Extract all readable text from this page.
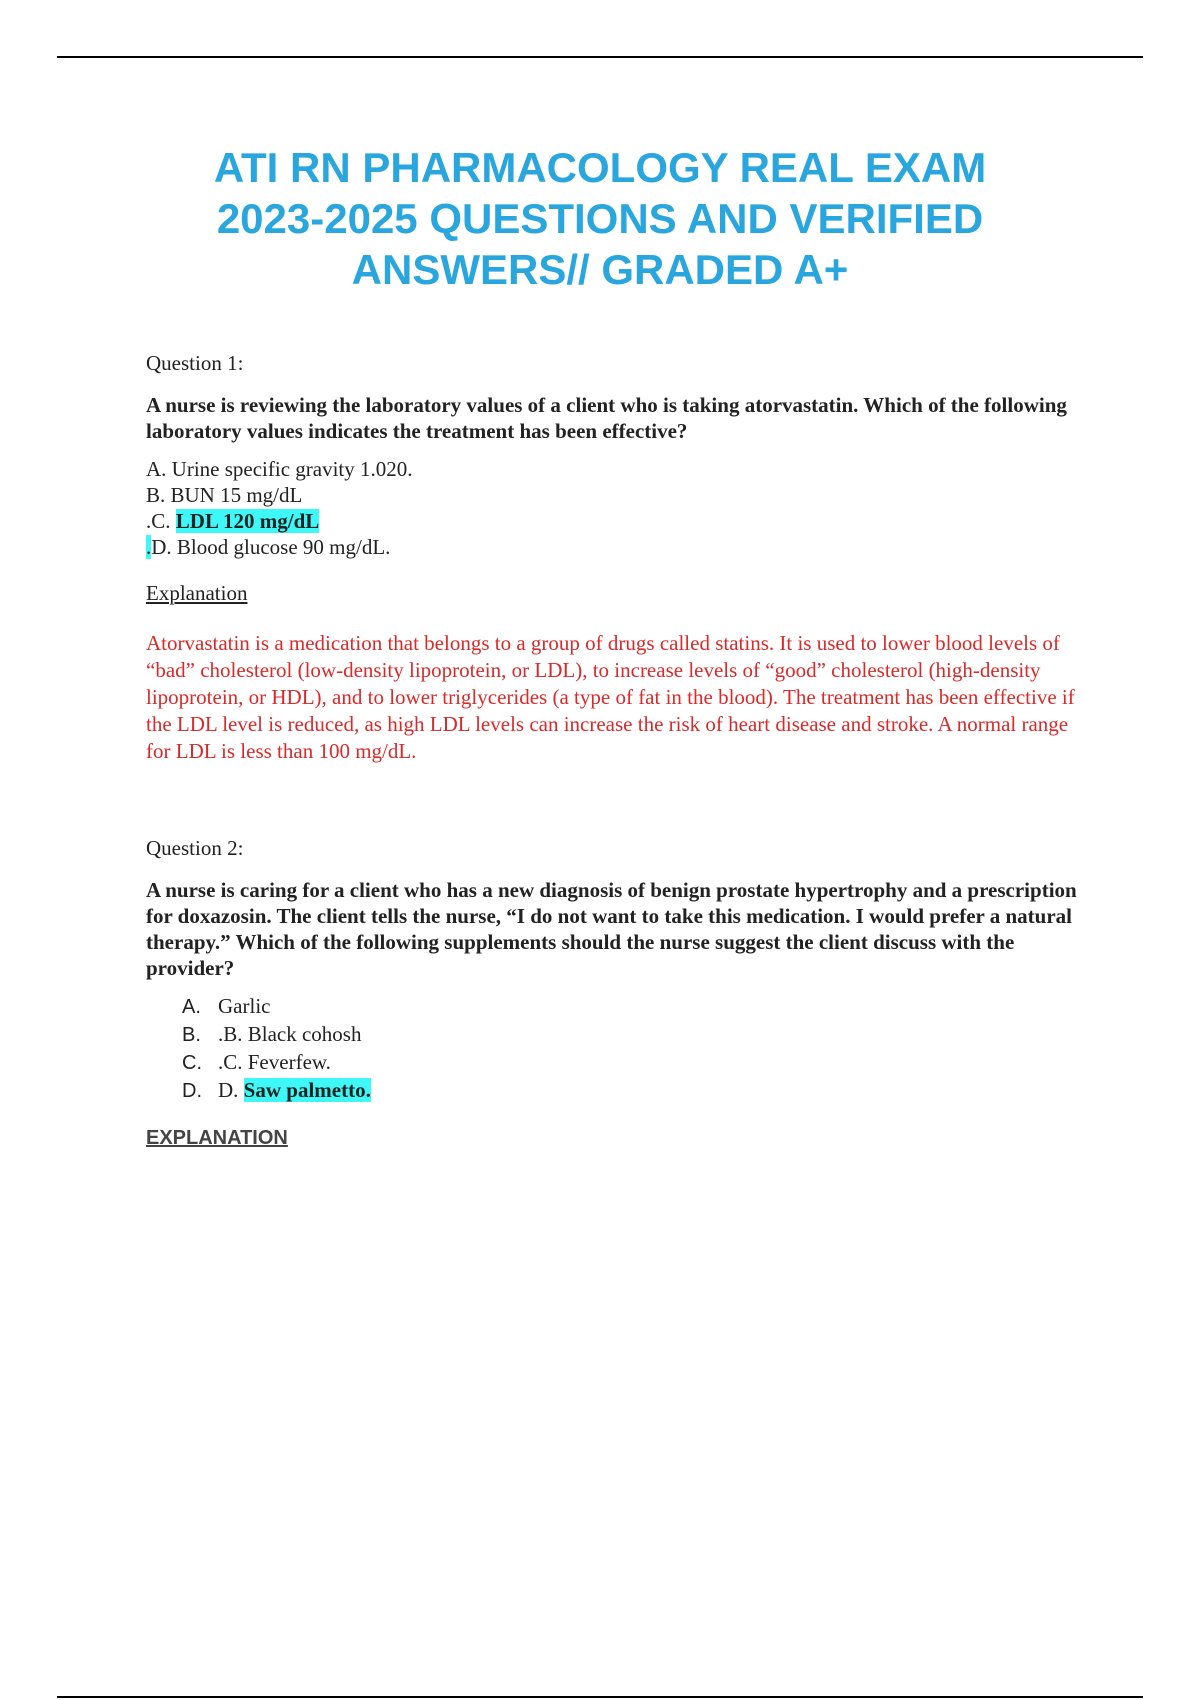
ATI RN PHARMACOLOGY REAL EXAM
2023-2025 QUESTIONS AND VERIFIED
ANSWERS// GRADED A+

Question 1:

A nurse is reviewing the laboratory values of a client who is taking atorvastatin. Which of the following laboratory values indicates the treatment has been effective?

A. Urine specific gravity 1.020.
B. BUN 15 mg/dL
.C. LDL 120 mg/dL
.D. Blood glucose 90 mg/dL.

Explanation

Atorvastatin is a medication that belongs to a group of drugs called statins. It is used to lower blood levels of “bad” cholesterol (low-density lipoprotein, or LDL), to increase levels of “good” cholesterol (high-density lipoprotein, or HDL), and to lower triglycerides (a type of fat in the blood). The treatment has been effective if the LDL level is reduced, as high LDL levels can increase the risk of heart disease and stroke. A normal range for LDL is less than 100 mg/dL.

Question 2:

A nurse is caring for a client who has a new diagnosis of benign prostate hypertrophy and a prescription for doxazosin. The client tells the nurse, “I do not want to take this medication. I would prefer a natural therapy.” Which of the following supplements should the nurse suggest the client discuss with the provider?

A. Garlic
B. .B. Black cohosh
C. .C. Feverfew.
D. D. Saw palmetto.

EXPLANATION
